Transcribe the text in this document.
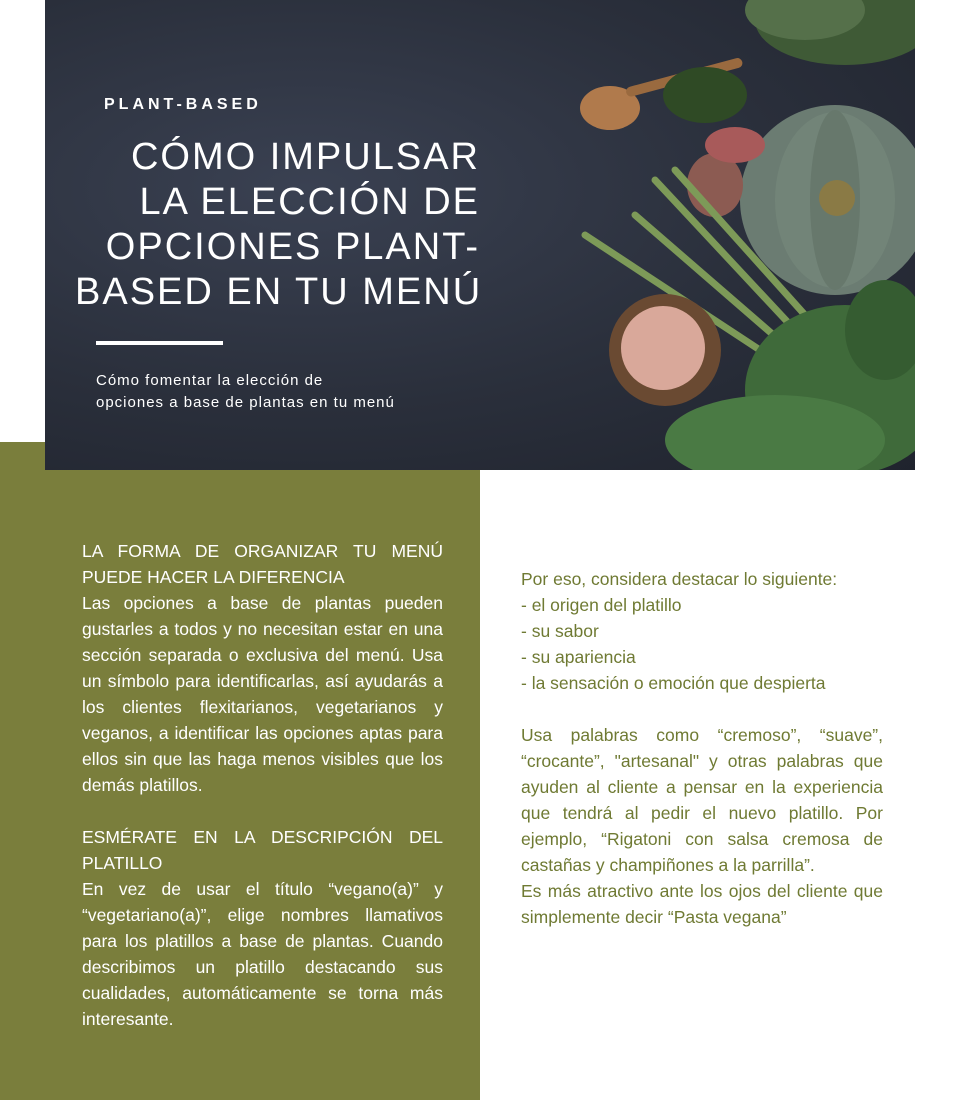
PLANT-BASED
CÓMO IMPULSAR
LA ELECCIÓN DE
OPCIONES PLANT-
BASED EN TU MENÚ
Cómo fomentar la elección de
opciones a base de plantas en tu menú
LA FORMA DE ORGANIZAR TU MENÚ
PUEDE HACER LA DIFERENCIA
Las opciones a base de plantas pueden gustarles a todos y no necesitan estar en una sección separada o exclusiva del menú. Usa un símbolo para identificarlas, así ayudarás a los clientes flexitarianos, vegetarianos y veganos, a identificar las opciones aptas para ellos sin que las haga menos visibles que los demás platillos.
ESMÉRATE EN LA DESCRIPCIÓN DEL
PLATILLO
En vez de usar el título “vegano(a)” y “vegetariano(a)”, elige nombres llamativos para los platillos a base de plantas. Cuando describimos un platillo destacando sus cualidades, automáticamente se torna más interesante.
Por eso, considera destacar lo siguiente:
- el origen del platillo
- su sabor
- su apariencia
- la sensación o emoción que despierta
Usa palabras como “cremoso”, “suave”, “crocante”, "artesanal" y otras palabras que ayuden al cliente a pensar en la experiencia que tendrá al pedir el nuevo platillo. Por ejemplo, “Rigatoni con salsa cremosa de castañas y champiñones a la parrilla”.
Es más atractivo ante los ojos del cliente que simplemente decir “Pasta vegana”
